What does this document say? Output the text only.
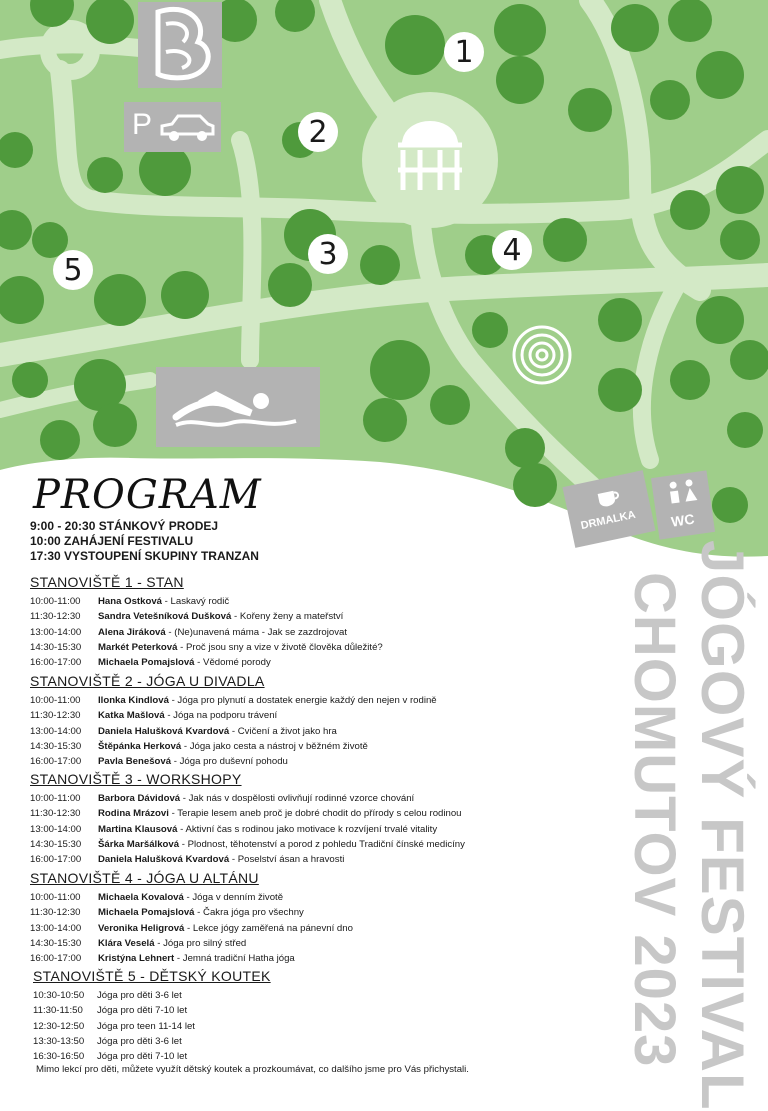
P
DRMALKA WC
1
2
3	4
5
PROGRAM
9:00 - 20:30 STÁNKOVÝ PRODEJ
10:00 ZAHÁJENÍ FESTIVALU
17:30 VYSTOUPENÍ SKUPINY TRANZAN
STANOVIŠTĚ 1 - STAN
10:00-11:00 Hana Ostková - Laskavý rodič
11:30-12:30 Sandra Vetešníková Dušková - Kořeny ženy a mateřství
13:00-14:00 Alena Jiráková - (Ne)unavená máma - Jak se zazdrojovat
14:30-15:30 Markét Peterková - Proč jsou sny a vize v životě člověka důležité?
16:00-17:00 Michaela Pomajslová - Vědomé porody
STANOVIŠTĚ 2 - JÓGA U DIVADLA
10:00-11:00 Ilonka Kindlová - Jóga pro plynutí a dostatek energie každý den nejen v rodině
11:30-12:30 Katka Mašlová - Jóga na podporu trávení
13:00-14:00 Daniela Halušková Kvardová - Cvičení a život jako hra
14:30-15:30 Štěpánka Herková - Jóga jako cesta a nástroj v běžném životě
16:00-17:00 Pavla Benešová - Jóga pro duševní pohodu
STANOVIŠTĚ 3 - WORKSHOPY
10:00-11:00 Barbora Dávidová - Jak nás v dospělosti ovlivňují rodinné vzorce chování
11:30-12:30 Rodina Mrázovi - Terapie lesem aneb proč je dobré chodit do přírody s celou rodinou
13:00-14:00 Martina Klausová - Aktivní čas s rodinou jako motivace k rozvíjení trvalé vitality
14:30-15:30 Šárka Maršálková - Plodnost, těhotenství a porod z pohledu Tradiční čínské medicíny
16:00-17:00 Daniela Halušková Kvardová - Poselství ásan a hravosti
STANOVIŠTĚ 4 - JÓGA U ALTÁNU
10:00-11:00 Michaela Kovalová - Jóga v denním životě
11:30-12:30 Michaela Pomajslová - Čakra jóga pro všechny
13:00-14:00 Veronika Heligrová - Lekce jógy zaměřená na pánevní dno
14:30-15:30 Klára Veselá - Jóga pro silný střed
16:00-17:00 Kristýna Lehnert - Jemná tradiční Hatha jóga
STANOVIŠTĚ 5 - DĚTSKÝ KOUTEK
10:30-10:50 Jóga pro děti 3-6 let
11:30-11:50 Jóga pro děti 7-10 let
12:30-12:50 Jóga pro teen 11-14 let
13:30-13:50 Jóga pro děti 3-6 let
16:30-16:50 Jóga pro děti 7-10 let
Mimo lekcí pro děti, můžete využít dětský koutek a prozkoumávat, co dalšího jsme pro Vás přichystali.	JÓGOVÝ FESTIVAL
CHOMUTOV 2023
